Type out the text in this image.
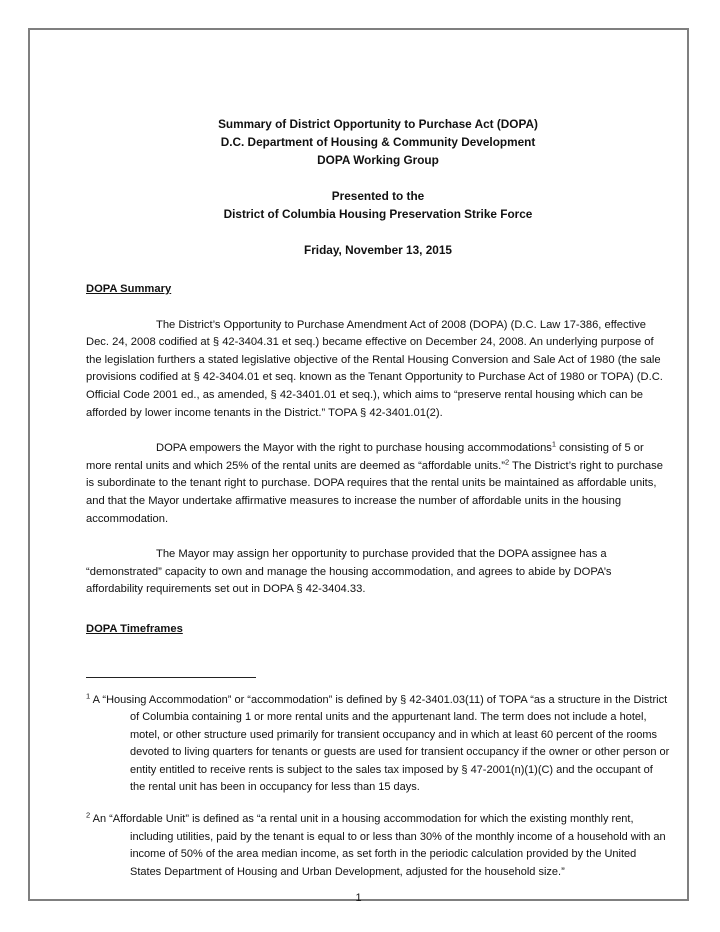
Summary of District Opportunity to Purchase Act (DOPA)
D.C. Department of Housing & Community Development
DOPA Working Group
Presented to the
District of Columbia Housing Preservation Strike Force
Friday, November 13, 2015
DOPA Summary

The District’s Opportunity to Purchase Amendment Act of 2008 (DOPA) (D.C. Law 17-386, effective Dec. 24, 2008 codified at § 42-3404.31 et seq.) became effective on December 24, 2008. An underlying purpose of the legislation furthers a stated legislative objective of the Rental Housing Conversion and Sale Act of 1980 (the sale provisions codified at § 42-3404.01 et seq. known as the Tenant Opportunity to Purchase Act of 1980 or TOPA) (D.C. Official Code 2001 ed., as amended, § 42-3401.01 et seq.), which aims to “preserve rental housing which can be afforded by lower income tenants in the District.” TOPA § 42-3401.01(2).

DOPA empowers the Mayor with the right to purchase housing accommodations$^1$ consisting of 5 or more rental units and which 25% of the rental units are deemed as “affordable units.”$^2$ The District’s right to purchase is subordinate to the tenant right to purchase. DOPA requires that the rental units be maintained as affordable units, and that the Mayor undertake affirmative measures to increase the number of affordable units in the housing accommodation.

The Mayor may assign her opportunity to purchase provided that the DOPA assignee has a “demonstrated” capacity to own and manage the housing accommodation, and agrees to abide by DOPA’s affordability requirements set out in DOPA § 42-3404.33.

DOPA Timeframes

$^1$ A “Housing Accommodation” or “accommodation” is defined by § 42-3401.03(11) of TOPA “as a structure in the District of Columbia containing 1 or more rental units and the appurtenant land. The term does not include a hotel, motel, or other structure used primarily for transient occupancy and in which at least 60 percent of the rooms devoted to living quarters for tenants or guests are used for transient occupancy if the owner or other person or entity entitled to receive rents is subject to the sales tax imposed by § 47-2001(n)(1)(C) and the occupant of the rental unit has been in occupancy for less than 15 days.

$^2$ An “Affordable Unit” is defined as “a rental unit in a housing accommodation for which the existing monthly rent, including utilities, paid by the tenant is equal to or less than 30% of the monthly income of a household with an income of 50% of the area median income, as set forth in the periodic calculation provided by the United States Department of Housing and Urban Development, adjusted for the household size.”

1
